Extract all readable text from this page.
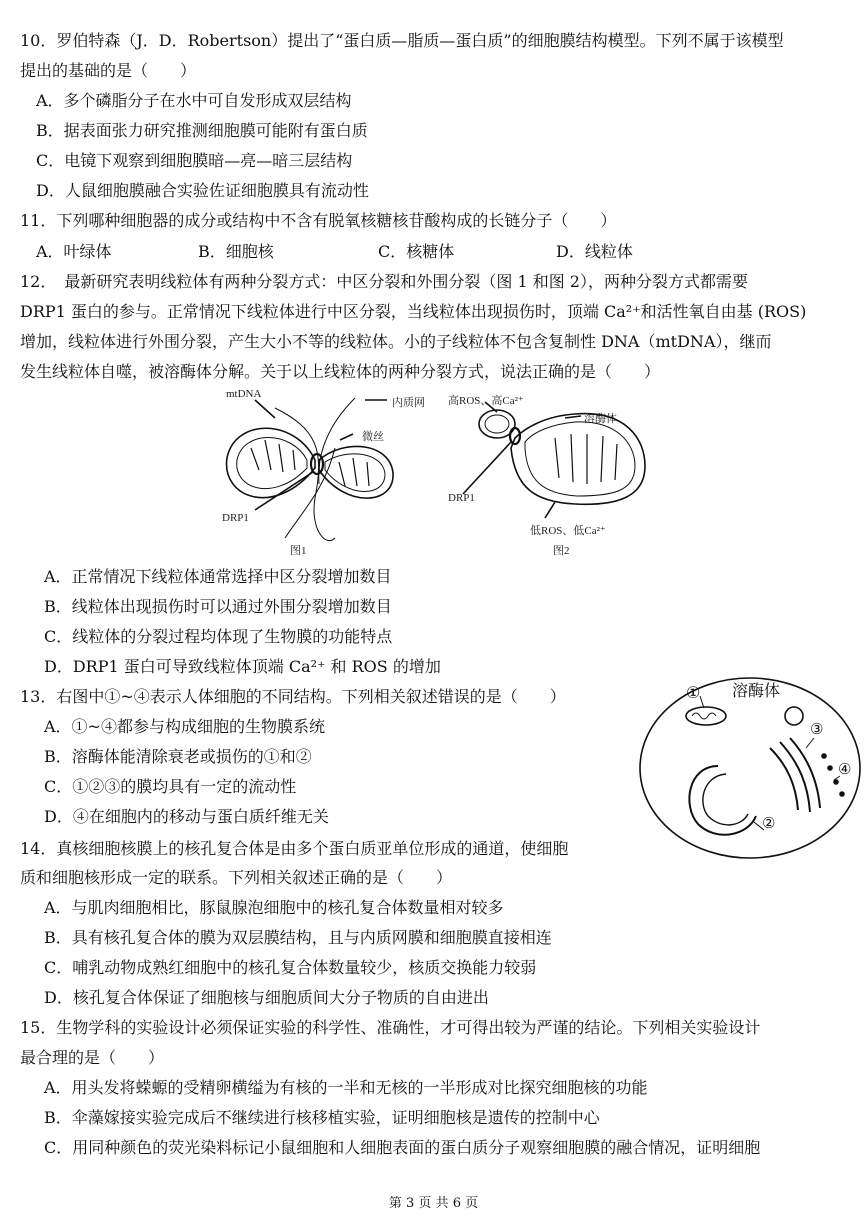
10．罗伯特森（J．D．Robertson）提出了“蛋白质—脂质—蛋白质”的细胞膜结构模型。下列不属于该模型
提出的基础的是（　　）
A．多个磷脂分子在水中可自发形成双层结构
B．据表面张力研究推测细胞膜可能附有蛋白质
C．电镜下观察到细胞膜暗—亮—暗三层结构
D．人鼠细胞膜融合实验佐证细胞膜具有流动性
11．下列哪种细胞器的成分或结构中不含有脱氧核糖核苷酸构成的长链分子（　　）
A．叶绿体	B．细胞核	C．核糖体	D．线粒体
12．　最新研究表明线粒体有两种分裂方式：中区分裂和外围分裂（图 1 和图 2），两种分裂方式都需要
DRP1 蛋白的参与。正常情况下线粒体进行中区分裂，当线粒体出现损伤时，顶端 Ca²⁺和活性氧自由基 (ROS)
增加，线粒体进行外围分裂，产生大小不等的线粒体。小的子线粒体不包含复制性 DNA（mtDNA），继而
发生线粒体自噬，被溶酶体分解。关于以上线粒体的两种分裂方式，说法正确的是（　　）
mtDNA
内质网
微丝
DRP1
图1
高ROS、高Ca²⁺
溶酶体
DRP1
低ROS、低Ca²⁺
图2
A．正常情况下线粒体通常选择中区分裂增加数目
B．线粒体出现损伤时可以通过外围分裂增加数目
C．线粒体的分裂过程均体现了生物膜的功能特点
D．DRP1 蛋白可导致线粒体顶端 Ca²⁺ 和 ROS 的增加
13．右图中①~④表示人体细胞的不同结构。下列相关叙述错误的是（　　）
A．①~④都参与构成细胞的生物膜系统
B．溶酶体能清除衰老或损伤的①和②
C．①②③的膜均具有一定的流动性
D．④在细胞内的移动与蛋白质纤维无关
① 溶酶体
③
④
②
14．真核细胞核膜上的核孔复合体是由多个蛋白质亚单位形成的通道，使细胞
质和细胞核形成一定的联系。下列相关叙述正确的是（　　）
A．与肌肉细胞相比，豚鼠腺泡细胞中的核孔复合体数量相对较多
B．具有核孔复合体的膜为双层膜结构，且与内质网膜和细胞膜直接相连
C．哺乳动物成熟红细胞中的核孔复合体数量较少，核质交换能力较弱
D．核孔复合体保证了细胞核与细胞质间大分子物质的自由进出
15．生物学科的实验设计必须保证实验的科学性、准确性，才可得出较为严谨的结论。下列相关实验设计
最合理的是（　　）
A．用头发将蝾螈的受精卵横缢为有核的一半和无核的一半形成对比探究细胞核的功能
B．伞藻嫁接实验完成后不继续进行核移植实验，证明细胞核是遗传的控制中心
C．用同种颜色的荧光染料标记小鼠细胞和人细胞表面的蛋白质分子观察细胞膜的融合情况，证明细胞
第 3 页 共 6 页
